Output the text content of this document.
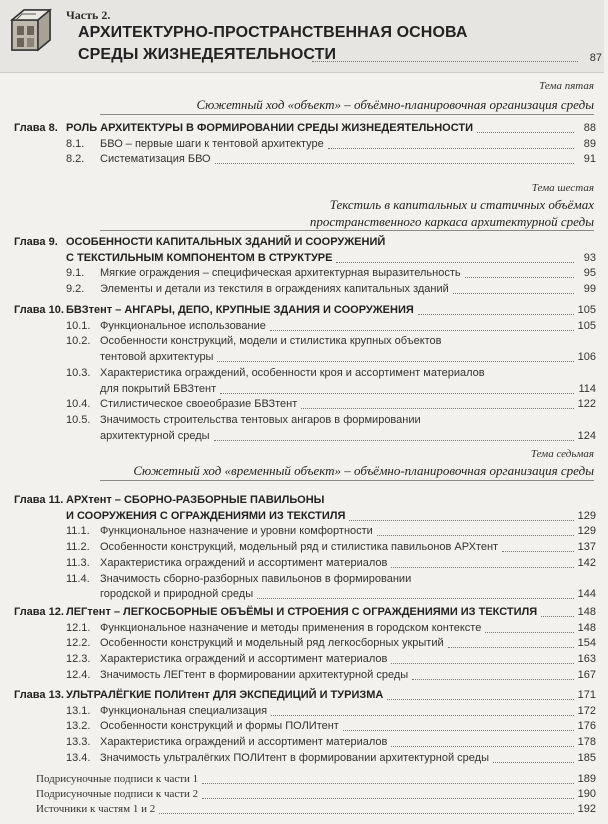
Часть 2.
АРХИТЕКТУРНО-ПРОСТРАНСТВЕННАЯ ОСНОВА
СРЕДЫ ЖИЗНЕДЕЯТЕЛЬНОСТИ	87
Тема пятая
Сюжетный ход «объект» – объёмно-планировочная организация среды
Тема шестая
Текстиль в капитальных и статичных объёмах
пространственного каркаса архитектурной среды
Тема седьмая
Сюжетный ход «временный объект» – объёмно-планировочная организация среды
Глава 8. РОЛЬ АРХИТЕКТУРЫ В ФОРМИРОВАНИИ СРЕДЫ ЖИЗНЕДЕЯТЕЛЬНОСТИ	88
8.1. БВО – первые шаги к тентовой архитектуре	89
8.2. Систематизация БВО	91
Глава 9. ОСОБЕННОСТИ КАПИТАЛЬНЫХ ЗДАНИЙ И СООРУЖЕНИЙ
С ТЕКСТИЛЬНЫМ КОМПОНЕНТОМ В СТРУКТУРЕ	93
9.1. Мягкие ограждения – специфическая архитектурная выразительность	95
9.2. Элементы и детали из текстиля в ограждениях капитальных зданий	99
Глава 10. БВЗтент – АНГАРЫ, ДЕПО, КРУПНЫЕ ЗДАНИЯ И СООРУЖЕНИЯ	105
10.1. Функциональное использование	105
10.2. Особенности конструкций, модели и стилистика крупных объектов
тентовой архитектуры	106
10.3. Характеристика ограждений, особенности кроя и ассортимент материалов
для покрытий БВЗтент	114
10.4. Стилистическое своеобразие БВЗтент	122
10.5. Значимость строительства тентовых ангаров в формировании
архитектурной среды	124
Глава 11. АРХтент – СБОРНО-РАЗБОРНЫЕ ПАВИЛЬОНЫ
И СООРУЖЕНИЯ С ОГРАЖДЕНИЯМИ ИЗ ТЕКСТИЛЯ	129
11.1. Функциональное назначение и уровни комфортности	129
11.2. Особенности конструкций, модельный ряд и стилистика павильонов АРХтент	137
11.3. Характеристика ограждений и ассортимент материалов	142
11.4. Значимость сборно-разборных павильонов в формировании
городской и природной среды	144
Глава 12. ЛЕГтент – ЛЕГКОСБОРНЫЕ ОБЪЁМЫ И СТРОЕНИЯ С ОГРАЖДЕНИЯМИ ИЗ ТЕКСТИЛЯ	148
12.1. Функциональное назначение и методы применения в городском контексте	148
12.2. Особенности конструкций и модельный ряд легкосборных укрытий	154
12.3. Характеристика ограждений и ассортимент материалов	163
12.4. Значимость ЛЕГтент в формировании архитектурной среды	167
Глава 13. УЛЬТРАЛЁГКИЕ ПОЛИтент ДЛЯ ЭКСПЕДИЦИЙ И ТУРИЗМА	171
13.1. Функциональная специализация	172
13.2. Особенности конструкций и формы ПОЛИтент	176
13.3. Характеристика ограждений и ассортимент материалов	178
13.4. Значимость ультралёгких ПОЛИтент в формировании архитектурной среды	185
Подрисуночные подписи к части 1	189
Подрисуночные подписи к части 2	190
Источники к частям 1 и 2	192
